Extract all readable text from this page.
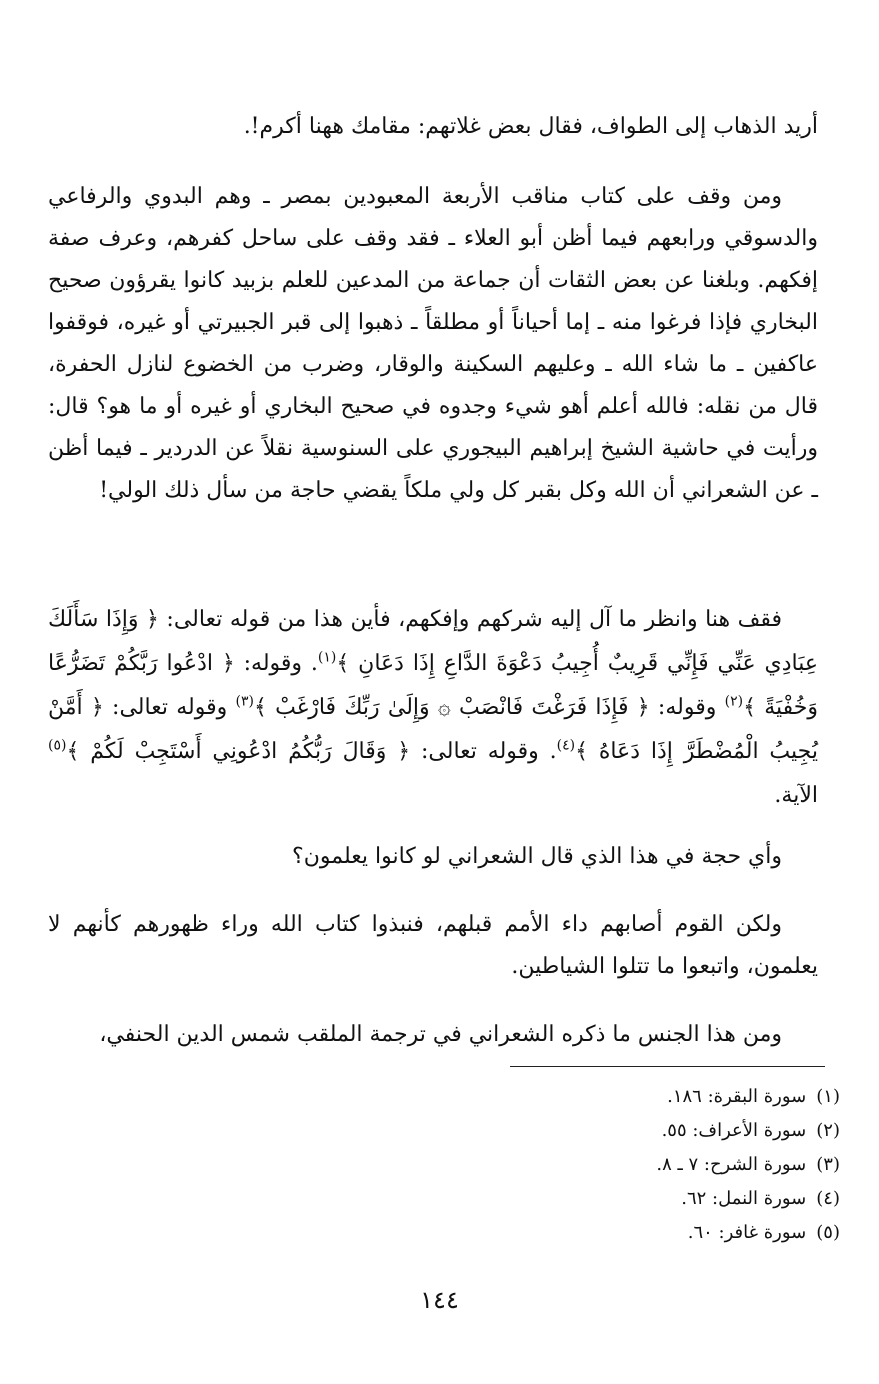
أريد الذهاب إلى الطواف، فقال بعض غلاتهم: مقامك ههنا أكرم!.

ومن وقف على كتاب مناقب الأربعة المعبودين بمصر ـ وهم البدوي والرفاعي والدسوقي ورابعهم فيما أظن أبو العلاء ـ فقد وقف على ساحل كفرهم، وعرف صفة إفكهم. وبلغنا عن بعض الثقات أن جماعة من المدعين للعلم بزبيد كانوا يقرؤون صحيح البخاري فإذا فرغوا منه ـ إما أحياناً أو مطلقاً ـ ذهبوا إلى قبر الجبيرتي أو غيره، فوقفوا عاكفين ـ ما شاء الله ـ وعليهم السكينة والوقار، وضرب من الخضوع لنازل الحفرة، قال من نقله: فالله أعلم أهو شيء وجدوه في صحيح البخاري أو غيره أو ما هو؟ قال: ورأيت في حاشية الشيخ إبراهيم البيجوري على السنوسية نقلاً عن الدردير ـ فيما أظن ـ عن الشعراني أن الله وكل بقبر كل ولي ملكاً يقضي حاجة من سأل ذلك الولي!

فقف هنا وانظر ما آل إليه شركهم وإفكهم، فأين هذا من قوله تعالى: ﴿ وَإِذَا سَأَلَكَ عِبَادِي عَنِّي فَإِنِّي قَرِيبٌ أُجِيبُ دَعْوَةَ الدَّاعِ إِذَا دَعَانِ ﴾$^{(١)}$. وقوله: ﴿ ادْعُوا رَبَّكُمْ تَضَرُّعًا وَخُفْيَةً ﴾$^{(٢)}$ وقوله: ﴿ فَإِذَا فَرَغْتَ فَانْصَبْ ۞ وَإِلَىٰ رَبِّكَ فَارْغَبْ ﴾$^{(٣)}$ وقوله تعالى: ﴿ أَمَّنْ يُجِيبُ الْمُضْطَرَّ إِذَا دَعَاهُ ﴾$^{(٤)}$. وقوله تعالى: ﴿ وَقَالَ رَبُّكُمُ ادْعُونِي أَسْتَجِبْ لَكُمْ ﴾$^{(٥)}$ الآية.

وأي حجة في هذا الذي قال الشعراني لو كانوا يعلمون؟

ولكن القوم أصابهم داء الأمم قبلهم، فنبذوا كتاب الله وراء ظهورهم كأنهم لا يعلمون، واتبعوا ما تتلوا الشياطين.

ومن هذا الجنس ما ذكره الشعراني في ترجمة الملقب شمس الدين الحنفي،

(١)سورة البقرة: ١٨٦.
(٢)سورة الأعراف: ٥٥.
(٣)سورة الشرح: ٧ ـ ٨.
(٤)سورة النمل: ٦٢.
(٥)سورة غافر: ٦٠.
١٤٤
